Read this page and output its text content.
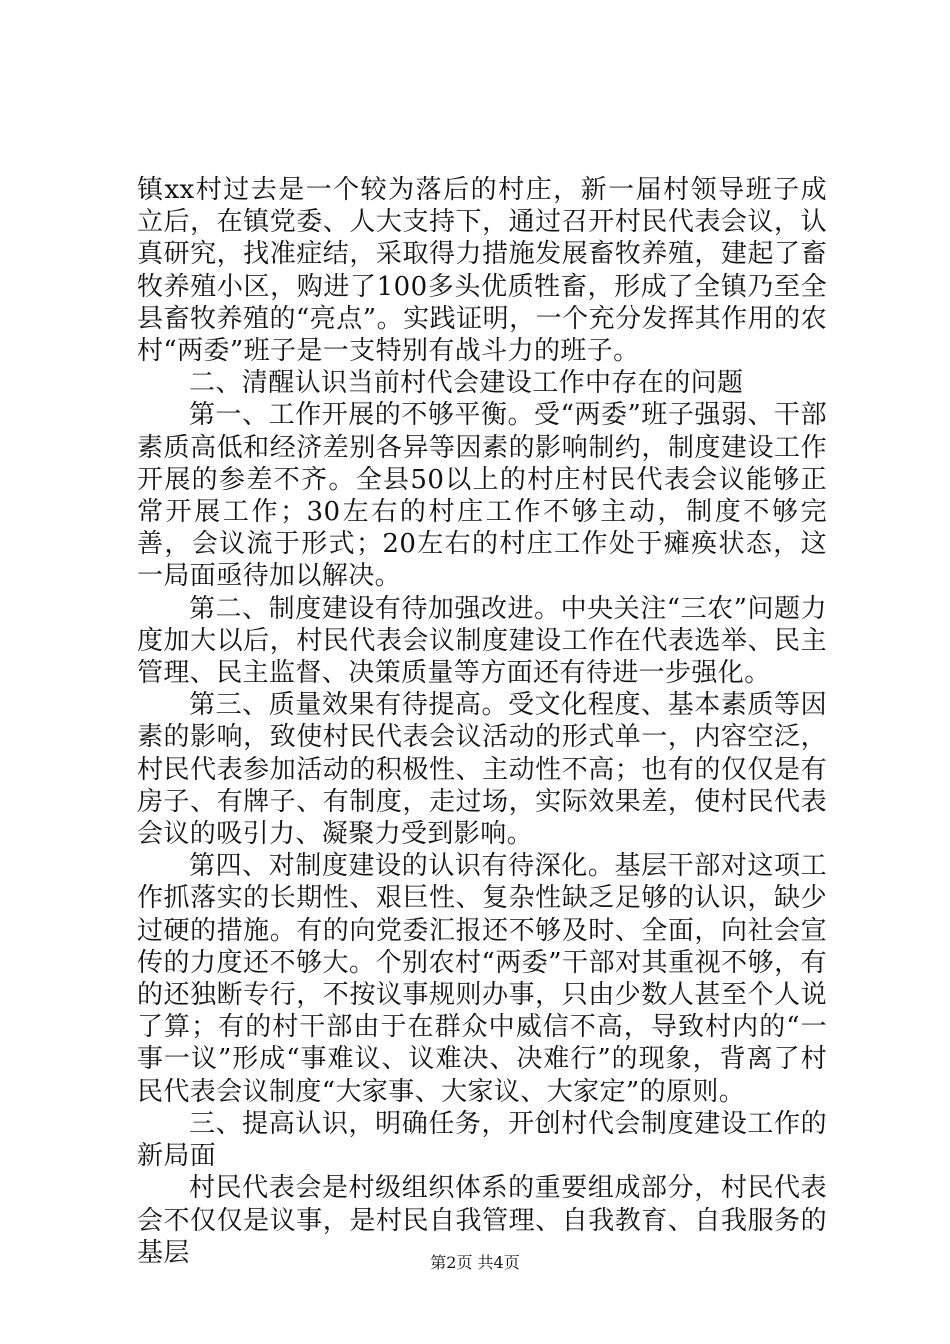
镇xx村过去是一个较为落后的村庄，新一届村领导班子成立后，在镇党委、人大支持下，通过召开村民代表会议，认真研究，找准症结，采取得力措施发展畜牧养殖，建起了畜牧养殖小区，购进了100多头优质牲畜，形成了全镇乃至全县畜牧养殖的“亮点”。实践证明，一个充分发挥其作用的农村“两委”班子是一支特别有战斗力的班子。

二、清醒认识当前村代会建设工作中存在的问题

第一、工作开展的不够平衡。受“两委”班子强弱、干部素质高低和经济差别各异等因素的影响制约，制度建设工作开展的参差不齐。全县50以上的村庄村民代表会议能够正常开展工作；30左右的村庄工作不够主动，制度不够完善，会议流于形式；20左右的村庄工作处于瘫痪状态，这一局面亟待加以解决。

第二、制度建设有待加强改进。中央关注“三农”问题力度加大以后，村民代表会议制度建设工作在代表选举、民主管理、民主监督、决策质量等方面还有待进一步强化。

第三、质量效果有待提高。受文化程度、基本素质等因素的影响，致使村民代表会议活动的形式单一，内容空泛，村民代表参加活动的积极性、主动性不高；也有的仅仅是有房子、有牌子、有制度，走过场，实际效果差，使村民代表会议的吸引力、凝聚力受到影响。

第四、对制度建设的认识有待深化。基层干部对这项工作抓落实的长期性、艰巨性、复杂性缺乏足够的认识，缺少过硬的措施。有的向党委汇报还不够及时、全面，向社会宣传的力度还不够大。个别农村“两委”干部对其重视不够，有的还独断专行，不按议事规则办事，只由少数人甚至个人说了算；有的村干部由于在群众中威信不高，导致村内的“一事一议”形成“事难议、议难决、决难行”的现象，背离了村民代表会议制度“大家事、大家议、大家定”的原则。

三、提高认识，明确任务，开创村代会制度建设工作的新局面

村民代表会是村级组织体系的重要组成部分，村民代表会不仅仅是议事，是村民自我管理、自我教育、自我服务的基层	第2页 共4页
